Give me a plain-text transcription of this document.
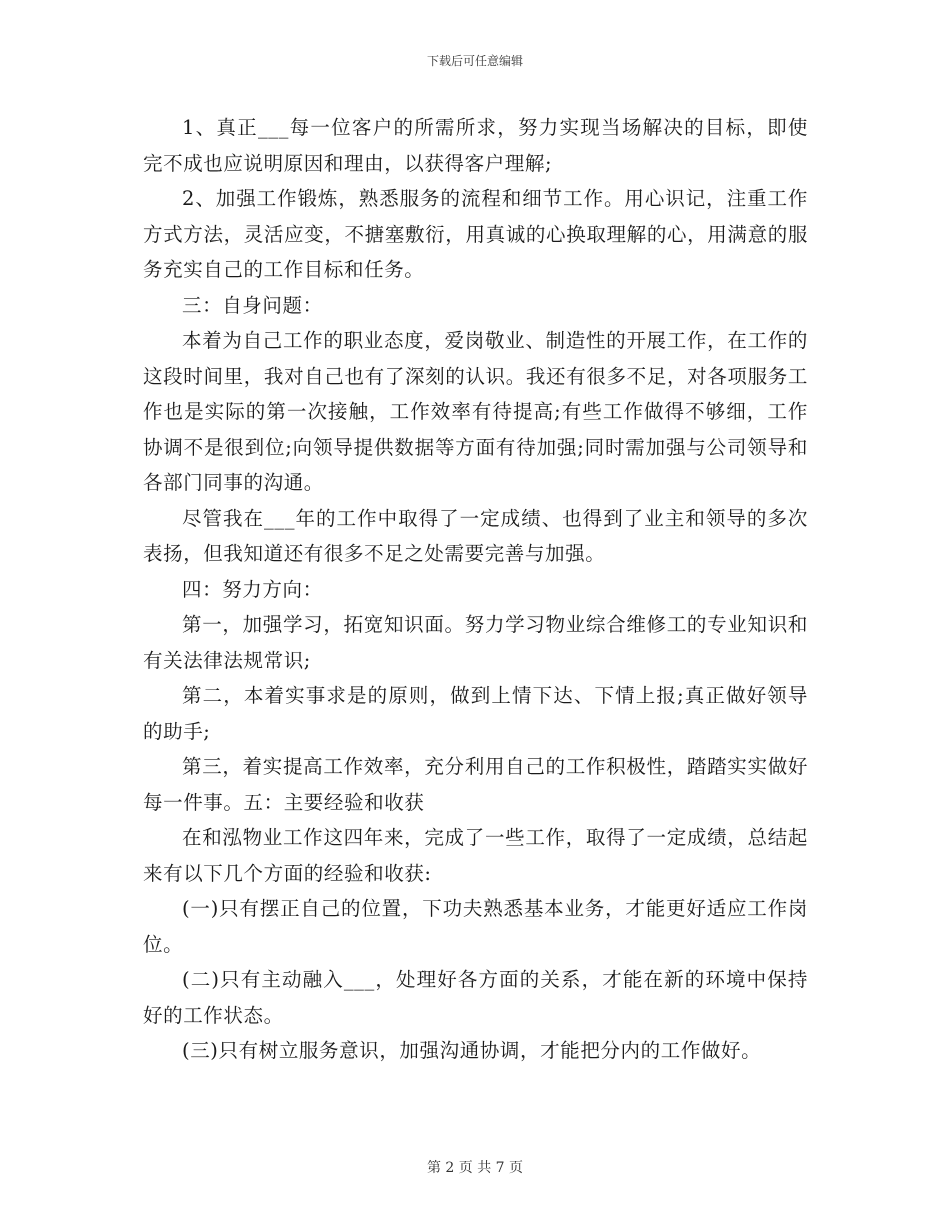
下载后可任意编辑

1、真正___每一位客户的所需所求，努力实现当场解决的目标，即使完不成也应说明原因和理由，以获得客户理解;

2、加强工作锻炼，熟悉服务的流程和细节工作。用心识记，注重工作方式方法，灵活应变，不搪塞敷衍，用真诚的心换取理解的心，用满意的服务充实自己的工作目标和任务。

三：自身问题：

本着为自己工作的职业态度，爱岗敬业、制造性的开展工作，在工作的这段时间里，我对自己也有了深刻的认识。我还有很多不足，对各项服务工作也是实际的第一次接触，工作效率有待提高;有些工作做得不够细，工作协调不是很到位;向领导提供数据等方面有待加强;同时需加强与公司领导和各部门同事的沟通。

尽管我在___年的工作中取得了一定成绩、也得到了业主和领导的多次表扬，但我知道还有很多不足之处需要完善与加强。

四：努力方向：

第一，加强学习，拓宽知识面。努力学习物业综合维修工的专业知识和有关法律法规常识;

第二，本着实事求是的原则，做到上情下达、下情上报;真正做好领导的助手;

第三，着实提高工作效率，充分利用自己的工作积极性，踏踏实实做好每一件事。五：主要经验和收获

在和泓物业工作这四年来，完成了一些工作，取得了一定成绩，总结起来有以下几个方面的经验和收获:

(一)只有摆正自己的位置，下功夫熟悉基本业务，才能更好适应工作岗位。

(二)只有主动融入___，处理好各方面的关系，才能在新的环境中保持好的工作状态。

(三)只有树立服务意识，加强沟通协调，才能把分内的工作做好。

第 2 页 共 7 页
